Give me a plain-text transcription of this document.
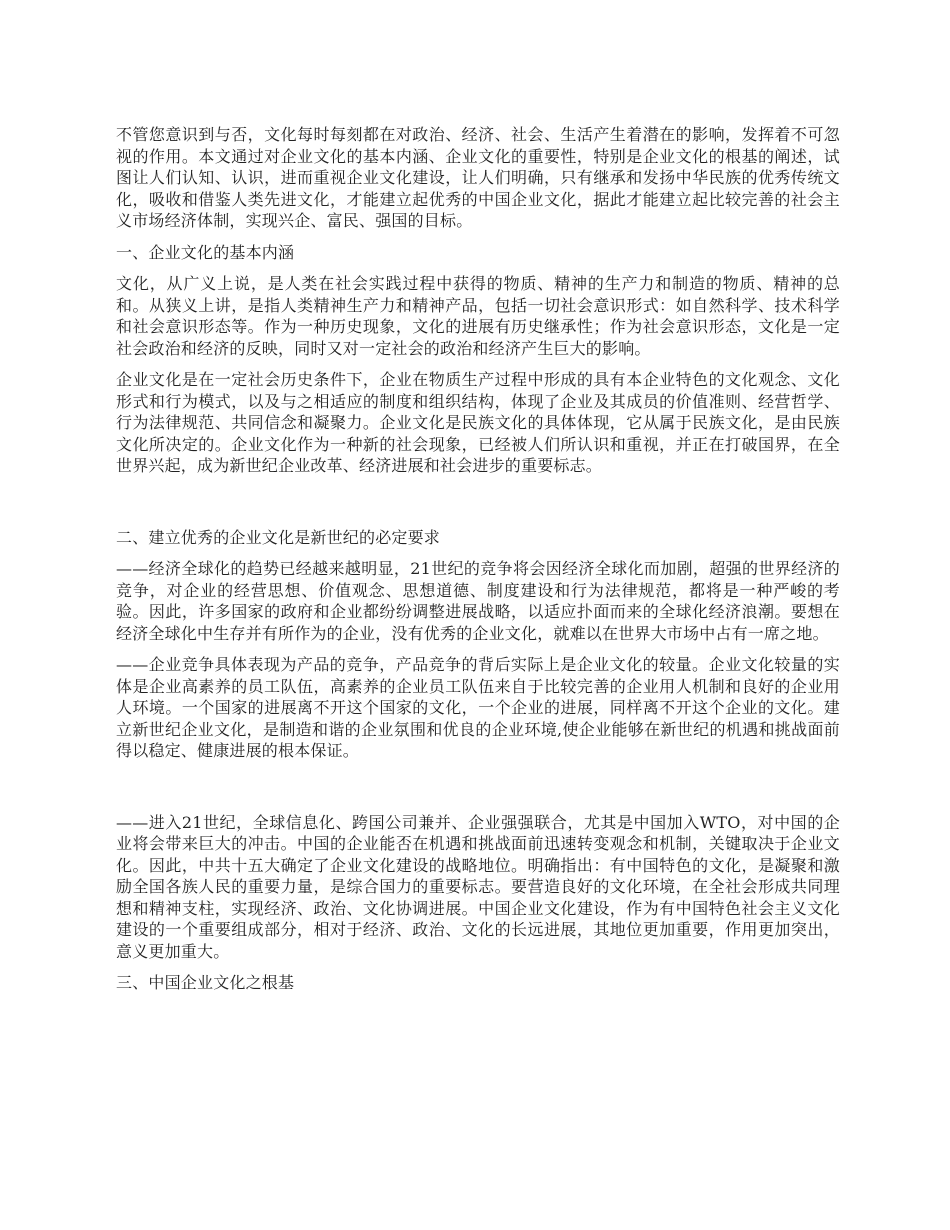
不管您意识到与否，文化每时每刻都在对政治、经济、社会、生活产生着潜在的影响，发挥着不可忽视的作用。本文通过对企业文化的基本内涵、企业文化的重要性，特别是企业文化的根基的阐述，试图让人们认知、认识，进而重视企业文化建设，让人们明确，只有继承和发扬中华民族的优秀传统文化，吸收和借鉴人类先进文化，才能建立起优秀的中国企业文化，据此才能建立起比较完善的社会主义市场经济体制，实现兴企、富民、强国的目标。

一、企业文化的基本内涵

文化，从广义上说，是人类在社会实践过程中获得的物质、精神的生产力和制造的物质、精神的总和。从狭义上讲，是指人类精神生产力和精神产品，包括一切社会意识形式：如自然科学、技术科学和社会意识形态等。作为一种历史现象，文化的进展有历史继承性；作为社会意识形态，文化是一定社会政治和经济的反映，同时又对一定社会的政治和经济产生巨大的影响。

企业文化是在一定社会历史条件下，企业在物质生产过程中形成的具有本企业特色的文化观念、文化形式和行为模式，以及与之相适应的制度和组织结构，体现了企业及其成员的价值准则、经营哲学、行为法律规范、共同信念和凝聚力。企业文化是民族文化的具体体现，它从属于民族文化，是由民族文化所决定的。企业文化作为一种新的社会现象，已经被人们所认识和重视，并正在打破国界，在全世界兴起，成为新世纪企业改革、经济进展和社会进步的重要标志。

二、建立优秀的企业文化是新世纪的必定要求

——经济全球化的趋势已经越来越明显，21世纪的竞争将会因经济全球化而加剧，超强的世界经济的竞争，对企业的经营思想、价值观念、思想道德、制度建设和行为法律规范，都将是一种严峻的考验。因此，许多国家的政府和企业都纷纷调整进展战略，以适应扑面而来的全球化经济浪潮。要想在经济全球化中生存并有所作为的企业，没有优秀的企业文化，就难以在世界大市场中占有一席之地。

——企业竞争具体表现为产品的竞争，产品竞争的背后实际上是企业文化的较量。企业文化较量的实体是企业高素养的员工队伍，高素养的企业员工队伍来自于比较完善的企业用人机制和良好的企业用人环境。一个国家的进展离不开这个国家的文化，一个企业的进展，同样离不开这个企业的文化。建立新世纪企业文化，是制造和谐的企业氛围和优良的企业环境,使企业能够在新世纪的机遇和挑战面前得以稳定、健康进展的根本保证。

——进入21世纪，全球信息化、跨国公司兼并、企业强强联合，尤其是中国加入WTO，对中国的企业将会带来巨大的冲击。中国的企业能否在机遇和挑战面前迅速转变观念和机制，关键取决于企业文化。因此，中共十五大确定了企业文化建设的战略地位。明确指出：有中国特色的文化，是凝聚和激励全国各族人民的重要力量，是综合国力的重要标志。要营造良好的文化环境，在全社会形成共同理想和精神支柱，实现经济、政治、文化协调进展。中国企业文化建设，作为有中国特色社会主义文化建设的一个重要组成部分，相对于经济、政治、文化的长远进展，其地位更加重要，作用更加突出，意义更加重大。

三、中国企业文化之根基
